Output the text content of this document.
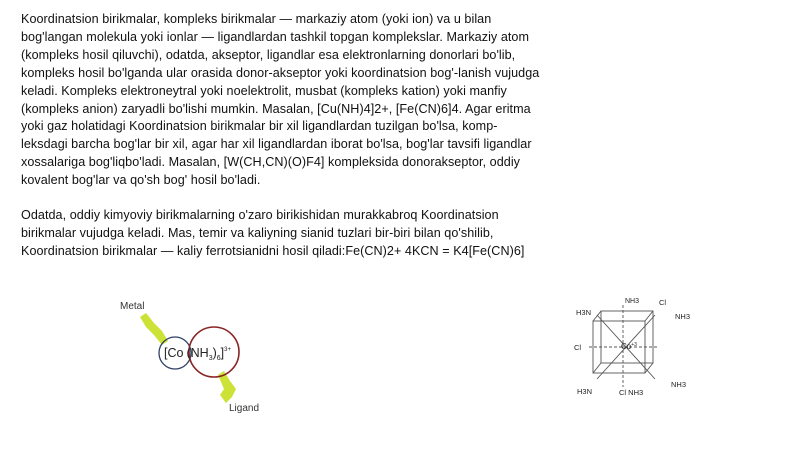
Koordinatsion birikmalar, kompleks birikmalar — markaziy atom (yoki ion) va u bilan
bog'langan molekula yoki ionlar — ligandlardan tashkil topgan komplekslar. Markaziy atom
(kompleks hosil qiluvchi), odatda, akseptor, ligandlar esa elektronlarning donorlari bo'lib,
kompleks hosil bo'lganda ular orasida donor-akseptor yoki koordinatsion bog'-lanish vujudga
keladi. Kompleks elektroneytral yoki noelektrolit, musbat (kompleks kation) yoki manfiy
(kompleks anion) zaryadli bo'lishi mumkin. Masalan, [Cu(NH)4]2+, [Fe(CN)6]4. Agar eritma
yoki gaz holatidagi Koordinatsion birikmalar bir xil ligandlardan tuzilgan bo'lsa, komp-
leksdagi barcha bog'lar bir xil, agar har xil ligandlardan iborat bo'lsa, bog'lar tavsifi ligandlar
xossalariga bog'liqbo'ladi. Masalan, [W(CH,CN)(O)F4] kompleksida donorakseptor, oddiy
kovalent bog'lar va qo'sh bog' hosil bo'ladi.

Odatda, oddiy kimyoviy birikmalarning o'zaro birikishidan murakkabroq Koordinatsion
birikmalar vujudga keladi. Mas, temir va kaliyning sianid tuzlari bir-biri bilan qo'shilib,
Koordinatsion birikmalar — kaliy ferrotsianidni hosil qiladi:Fe(CN)2+ 4KCN = K4[Fe(CN)6]

Metal
Ligand
[Co $(NH_3)_6]^{3+}$	$Co^{+3}$
H3N
NH3	Cl
NH3
Cl
H3N	Cl NH3
NH3
